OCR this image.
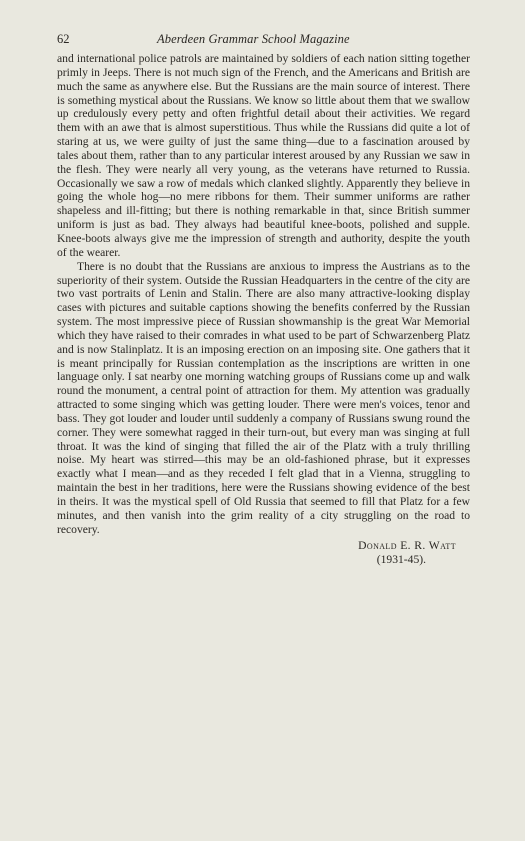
62	Aberdeen Grammar School Magazine

and international police patrols are maintained by soldiers of each nation sitting together primly in Jeeps. There is not much sign of the French, and the Americans and British are much the same as anywhere else. But the Russians are the main source of interest. There is something mystical about the Russians. We know so little about them that we swallow up credulously every petty and often frightful detail about their activities. We regard them with an awe that is almost superstitious. Thus while the Russians did quite a lot of staring at us, we were guilty of just the same thing—due to a fascination aroused by tales about them, rather than to any particular interest aroused by any Russian we saw in the flesh. They were nearly all very young, as the veterans have returned to Russia. Occasionally we saw a row of medals which clanked slightly. Apparently they believe in going the whole hog—no mere ribbons for them. Their summer uniforms are rather shapeless and ill-fitting; but there is nothing remarkable in that, since British summer uniform is just as bad. They always had beautiful knee-boots, polished and supple. Knee-boots always give me the impression of strength and authority, despite the youth of the wearer.

There is no doubt that the Russians are anxious to impress the Austrians as to the superiority of their system. Outside the Russian Headquarters in the centre of the city are two vast portraits of Lenin and Stalin. There are also many attractive-looking display cases with pictures and suitable captions showing the benefits conferred by the Russian system. The most impressive piece of Russian showmanship is the great War Memorial which they have raised to their comrades in what used to be part of Schwarzenberg Platz and is now Stalinplatz. It is an imposing erection on an imposing site. One gathers that it is meant principally for Russian contemplation as the inscriptions are written in one language only. I sat nearby one morning watching groups of Russians come up and walk round the monument, a central point of attraction for them. My attention was gradually attracted to some singing which was getting louder. There were men's voices, tenor and bass. They got louder and louder until suddenly a company of Russians swung round the corner. They were somewhat ragged in their turn-out, but every man was singing at full throat. It was the kind of singing that filled the air of the Platz with a truly thrilling noise. My heart was stirred—this may be an old-fashioned phrase, but it expresses exactly what I mean—and as they receded I felt glad that in a Vienna, struggling to maintain the best in her traditions, here were the Russians showing evidence of the best in theirs. It was the mystical spell of Old Russia that seemed to fill that Platz for a few minutes, and then vanish into the grim reality of a city struggling on the road to recovery.

Donald E. R. Watt
(1931-45).
